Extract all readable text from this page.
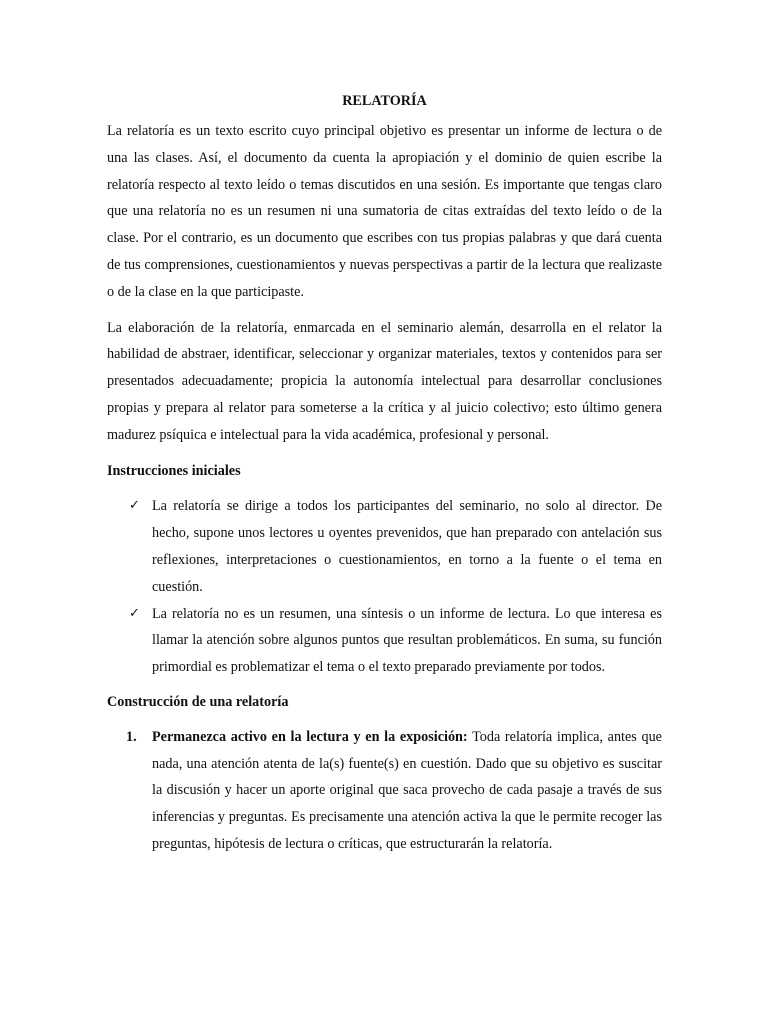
RELATORÍA

La relatoría es un texto escrito cuyo principal objetivo es presentar un informe de lectura o de una las clases. Así, el documento da cuenta la apropiación y el dominio de quien escribe la relatoría respecto al texto leído o temas discutidos en una sesión. Es importante que tengas claro que una relatoría no es un resumen ni una sumatoria de citas extraídas del texto leído o de la clase. Por el contrario, es un documento que escribes con tus propias palabras y que dará cuenta de tus comprensiones, cuestionamientos y nuevas perspectivas a partir de la lectura que realizaste o de la clase en la que participaste.

La elaboración de la relatoría, enmarcada en el seminario alemán, desarrolla en el relator la habilidad de abstraer, identificar, seleccionar y organizar materiales, textos y contenidos para ser presentados adecuadamente; propicia la autonomía intelectual para desarrollar conclusiones propias y prepara al relator para someterse a la crítica y al juicio colectivo; esto último genera madurez psíquica e intelectual para la vida académica, profesional y personal.

Instrucciones iniciales

✓ La relatoría se dirige a todos los participantes del seminario, no solo al director. De hecho, supone unos lectores u oyentes prevenidos, que han preparado con antelación sus reflexiones, interpretaciones o cuestionamientos, en torno a la fuente o el tema en cuestión.
✓ La relatoría no es un resumen, una síntesis o un informe de lectura. Lo que interesa es llamar la atención sobre algunos puntos que resultan problemáticos. En suma, su función primordial es problematizar el tema o el texto preparado previamente por todos.

Construcción de una relatoría

1. Permanezca activo en la lectura y en la exposición: Toda relatoría implica, antes que nada, una atención atenta de la(s) fuente(s) en cuestión. Dado que su objetivo es suscitar la discusión y hacer un aporte original que saca provecho de cada pasaje a través de sus inferencias y preguntas. Es precisamente una atención activa la que le permite recoger las preguntas, hipótesis de lectura o críticas, que estructurarán la relatoría.
